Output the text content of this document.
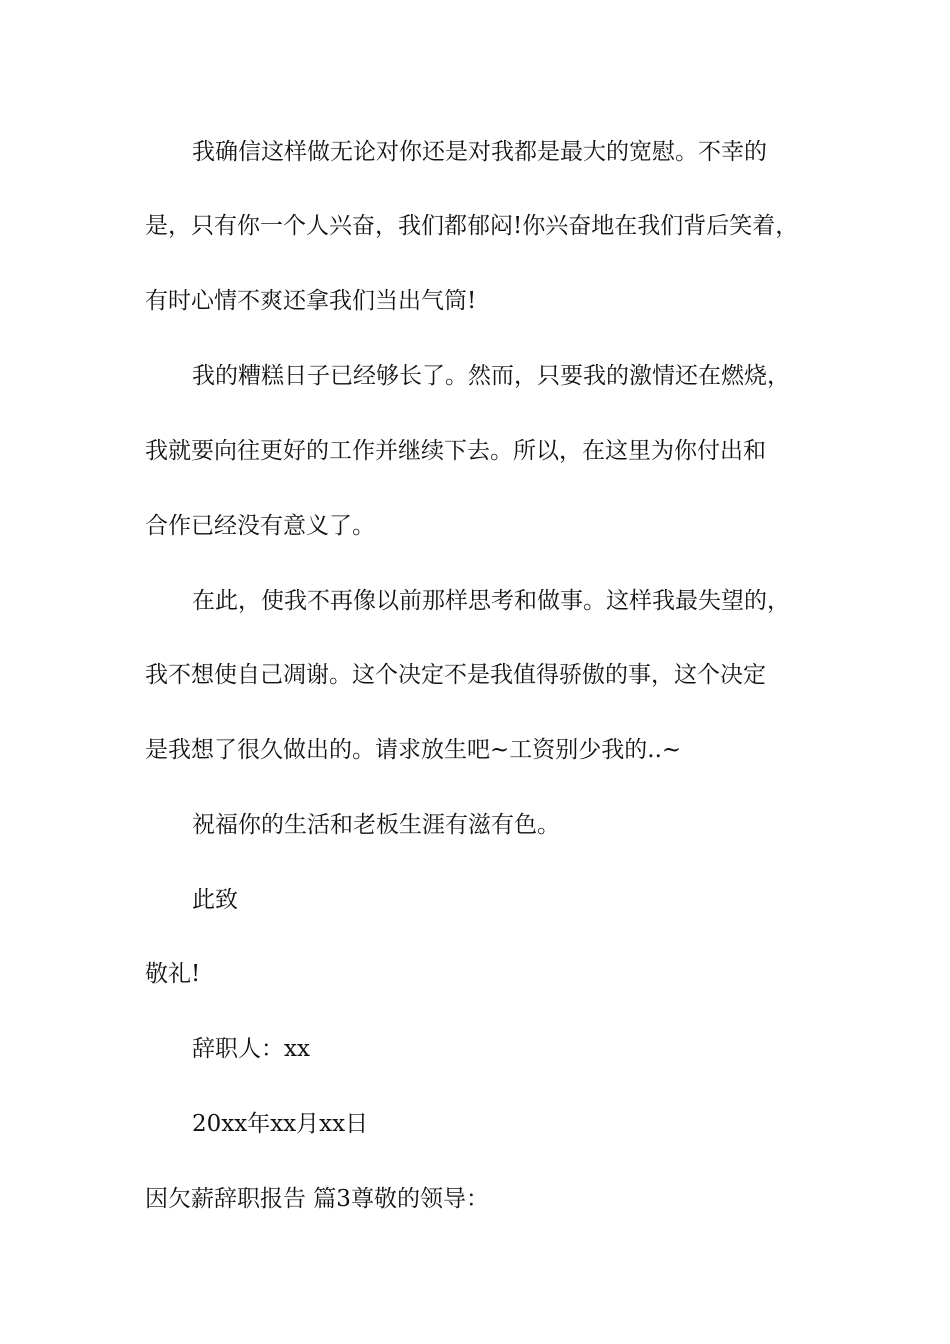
我确信这样做无论对你还是对我都是最大的宽慰。不幸的
是，只有你一个人兴奋，我们都郁闷!你兴奋地在我们背后笑着，
有时心情不爽还拿我们当出气筒!
我的糟糕日子已经够长了。然而，只要我的激情还在燃烧，
我就要向往更好的工作并继续下去。所以，在这里为你付出和
合作已经没有意义了。
在此，使我不再像以前那样思考和做事。这样我最失望的，
我不想使自己凋谢。这个决定不是我值得骄傲的事，这个决定
是我想了很久做出的。请求放生吧~工资别少我的..~
祝福你的生活和老板生涯有滋有色。
此致
敬礼!
辞职人：xx
20xx年xx月xx日
因欠薪辞职报告 篇3尊敬的领导：
